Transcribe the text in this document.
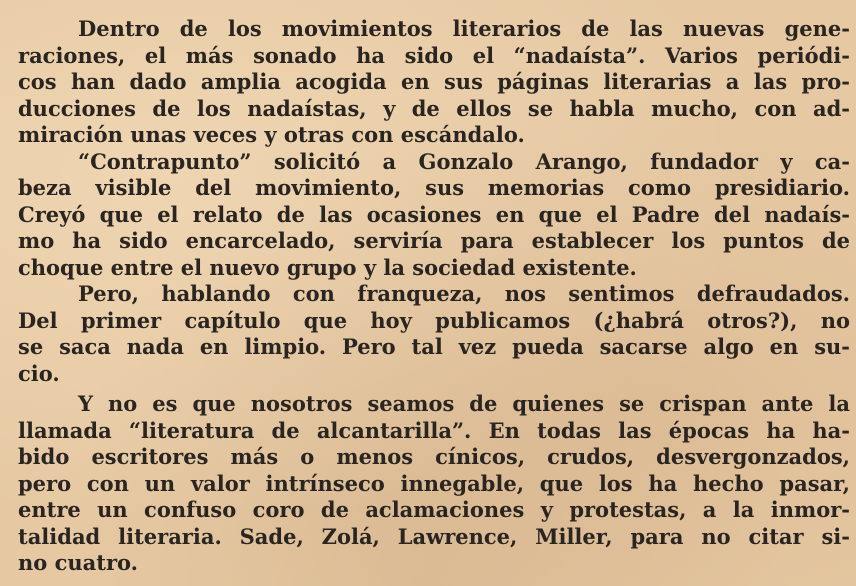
Dentro de los movimientos literarios de las nuevas gene-
raciones, el más sonado ha sido el “nadaísta”. Varios periódi-
cos han dado amplia acogida en sus páginas literarias a las pro-
ducciones de los nadaístas, y de ellos se habla mucho, con ad-
miración unas veces y otras con escándalo.

“Contrapunto” solicitó a Gonzalo Arango, fundador y ca-
beza visible del movimiento, sus memorias como presidiario.
Creyó que el relato de las ocasiones en que el Padre del nadaís-
mo ha sido encarcelado, serviría para establecer los puntos de
choque entre el nuevo grupo y la sociedad existente.

Pero, hablando con franqueza, nos sentimos defraudados.
Del primer capítulo que hoy publicamos (¿habrá otros?), no
se saca nada en limpio. Pero tal vez pueda sacarse algo en su-
cio.

Y no es que nosotros seamos de quienes se crispan ante la
llamada “literatura de alcantarilla”. En todas las épocas ha ha-
bido escritores más o menos cínicos, crudos, desvergonzados,
pero con un valor intrínseco innegable, que los ha hecho pasar,
entre un confuso coro de aclamaciones y protestas, a la inmor-
talidad literaria. Sade, Zolá, Lawrence, Miller, para no citar si-
no cuatro.
